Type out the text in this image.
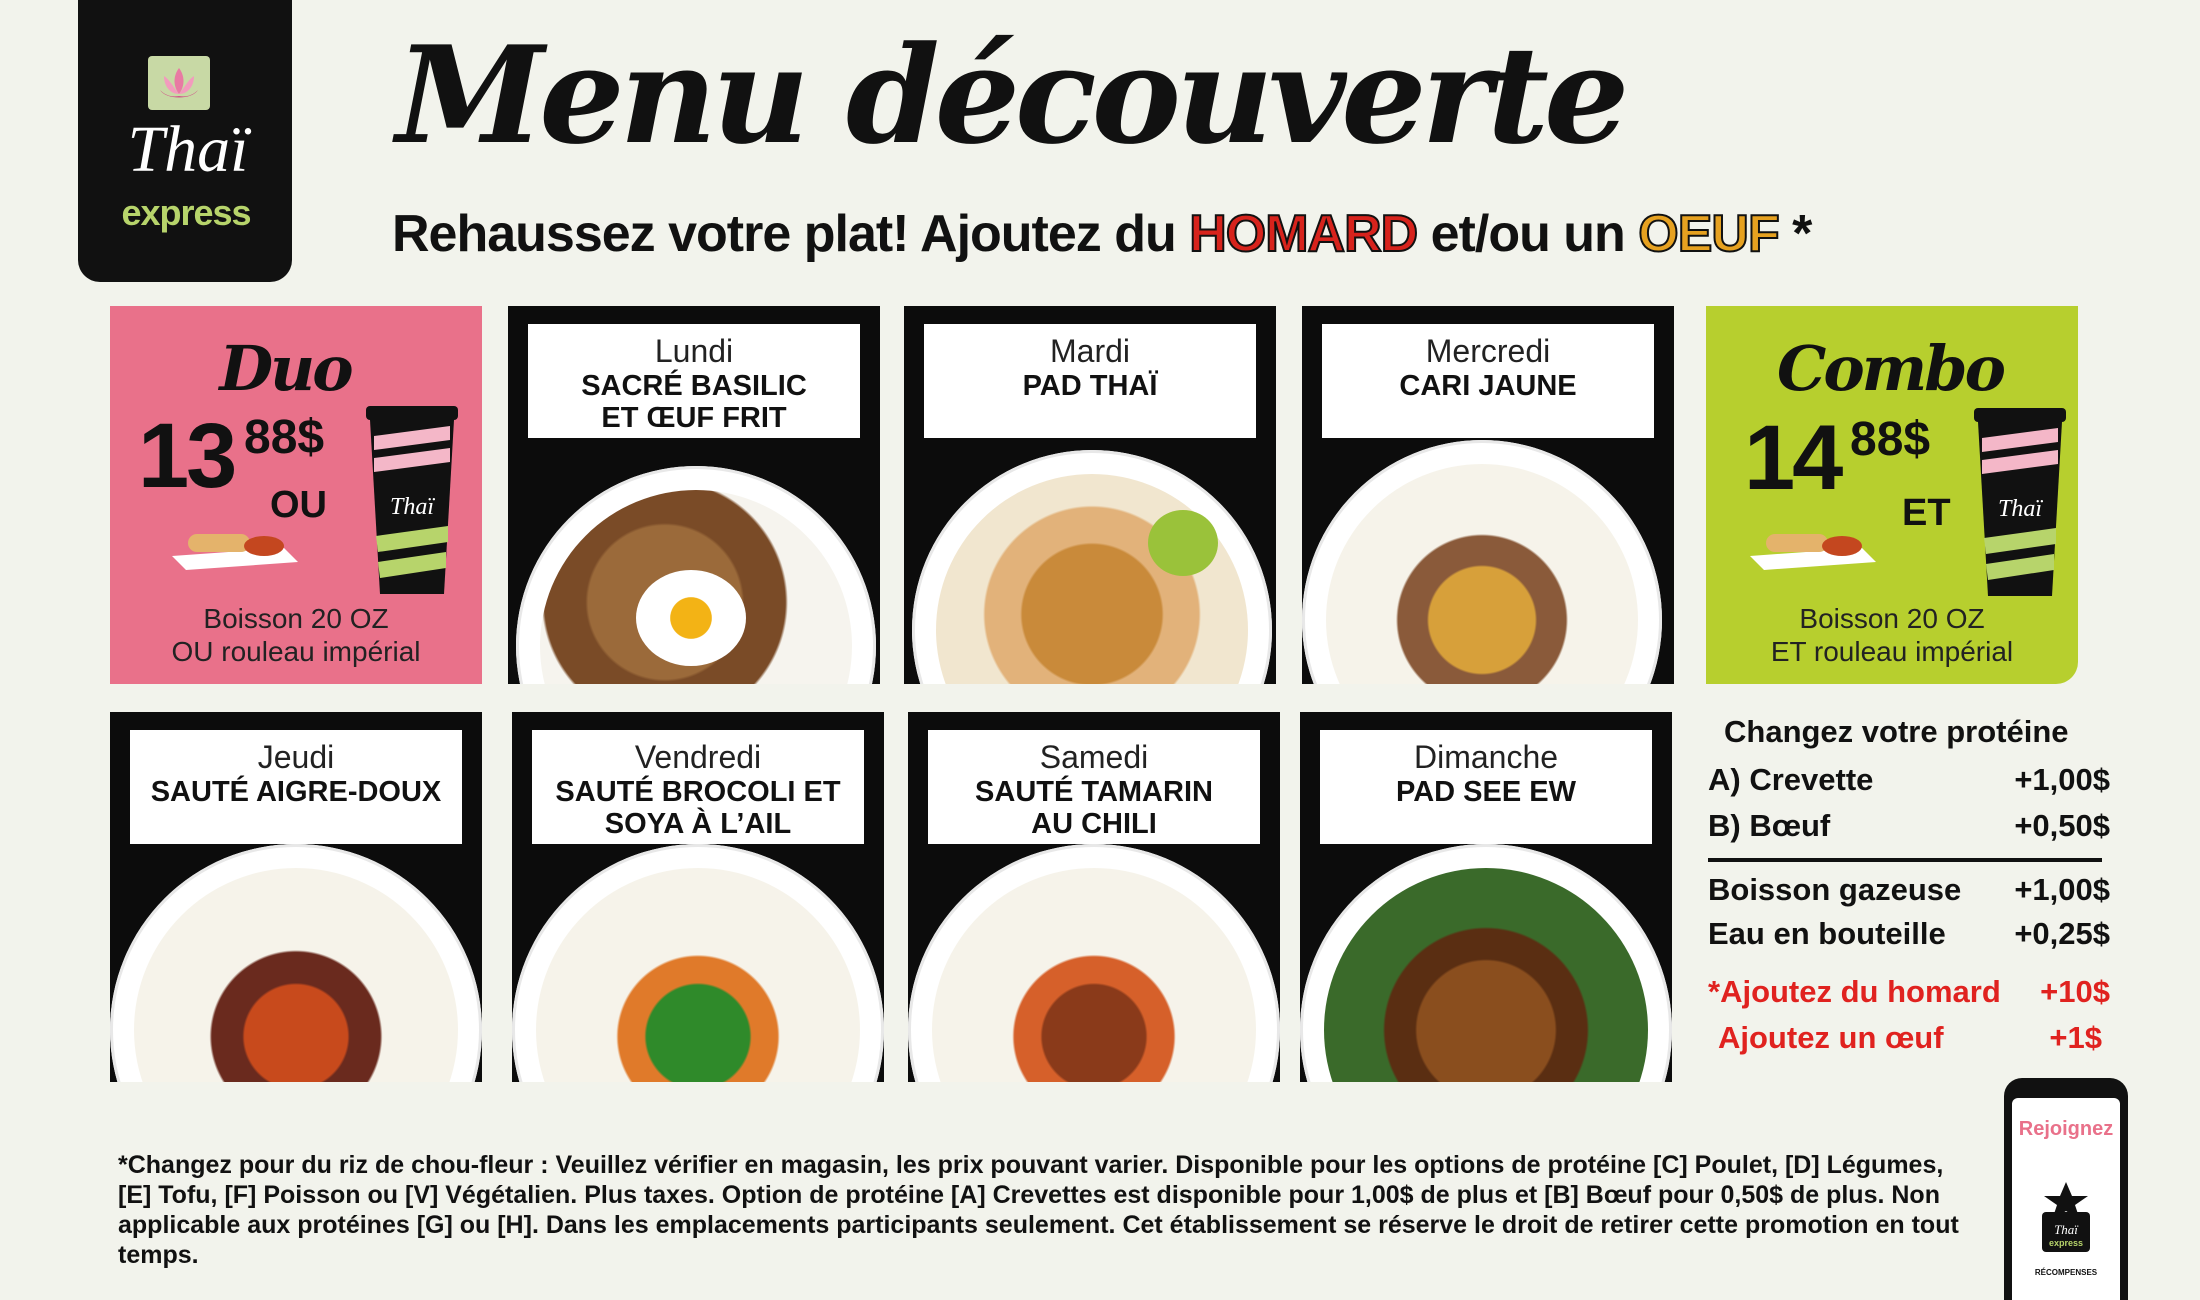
Thaï
express
Menu découverte
Rehaussez votre plat! Ajoutez du HOMARD et/ou un OEUF *
Duo
13 88$
OU	Thaï
Boisson 20 OZ
OU rouleau impérial
Combo
14 88$
ET Thaï
Boisson 20 OZ
ET rouleau impérial
Lundi
SACRÉ BASILIC
ET ŒUF FRIT
Mardi
PAD THAÏ
Mercredi
CARI JAUNE
Jeudi
SAUTÉ AIGRE-DOUX
Vendredi
SAUTÉ BROCOLI ET
SOYA À L’AIL
Samedi
SAUTÉ TAMARIN
AU CHILI
Dimanche
PAD SEE EW
Changez votre protéine
A) Crevette	+1,00$
B) Bœuf	+0,50$
Boisson gazeuse +1,00$
Eau en bouteille +0,25$
*Ajoutez du homard +10$
Ajoutez un œuf	+1$
*Changez pour du riz de chou-fleur : Veuillez vérifier en magasin, les prix pouvant varier. Disponible pour les options de protéine [C] Poulet, [D] Légumes, [E] Tofu, [F] Poisson ou [V] Végétalien. Plus taxes. Option de protéine [A] Crevettes est disponible pour 1,00$ de plus et [B] Bœuf pour 0,50$ de plus. Non applicable aux protéines [G] ou [H]. Dans les emplacements participants seulement. Cet établissement se réserve le droit de retirer cette promotion en tout temps.
Rejoignez
Thaï
express
RÉCOMPENSES
